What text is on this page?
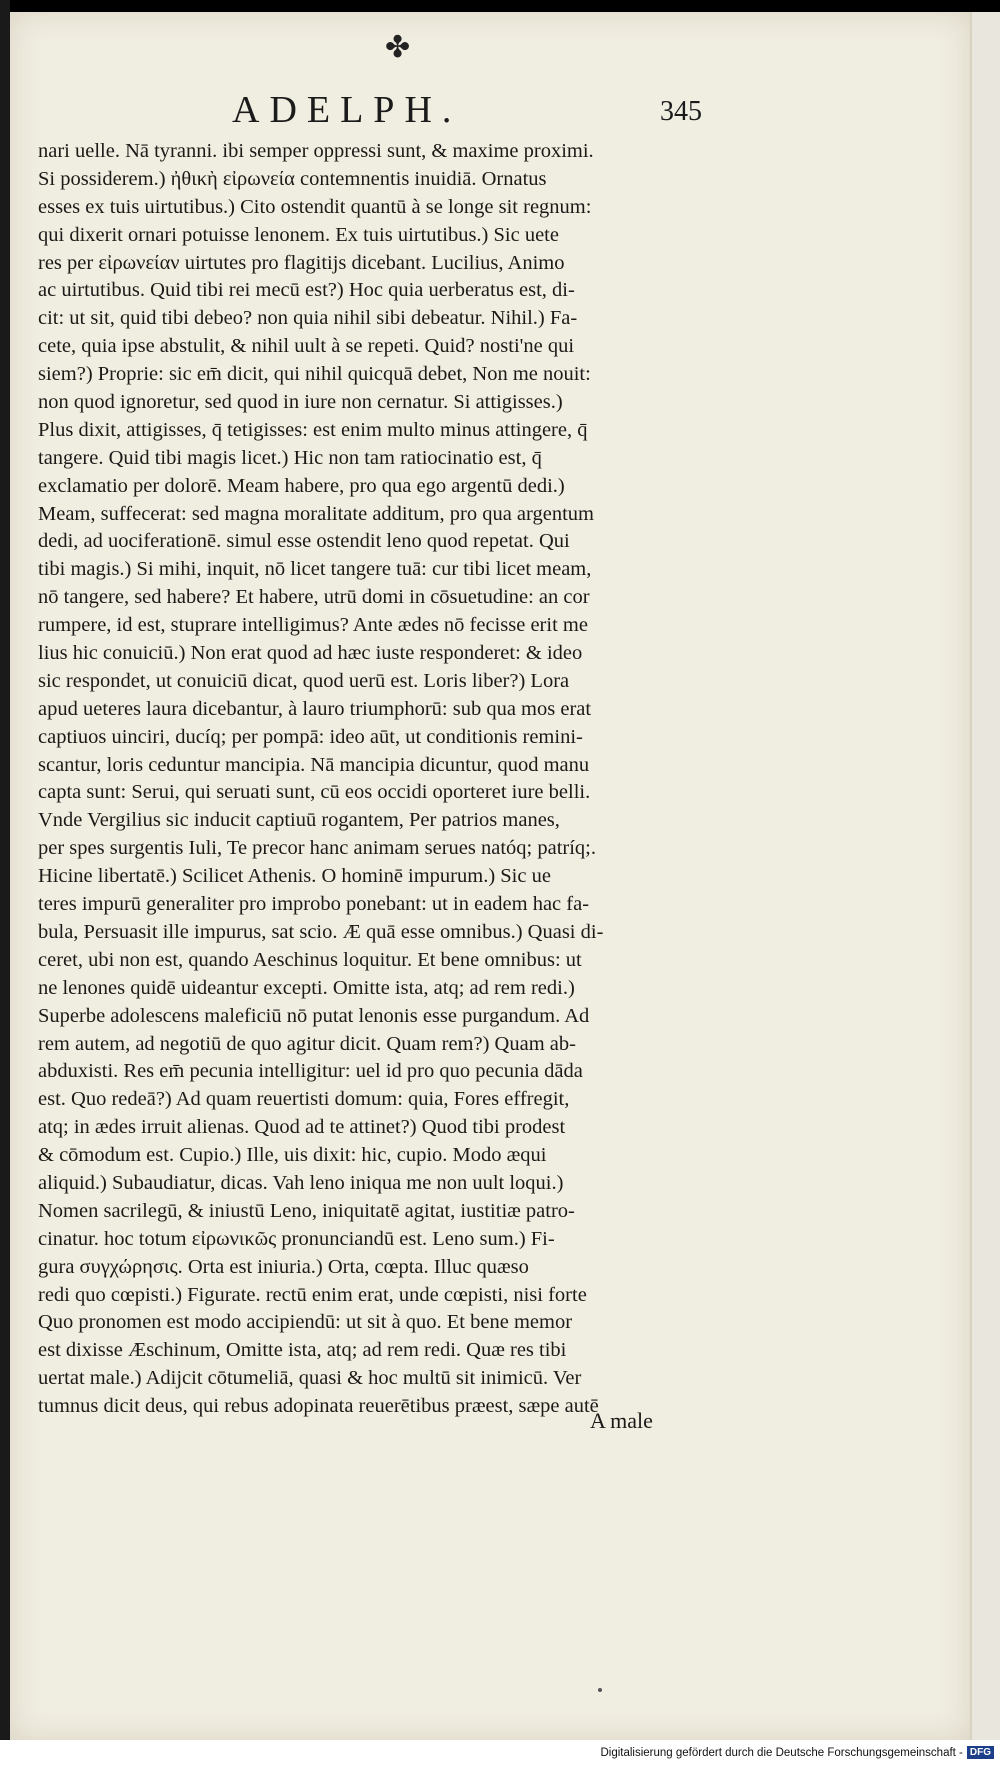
✤
ADELPH.	345
nari uelle. Nā tyranni. ibi semper oppressi sunt, & maxime proximi.
Si possiderem.) ἠθικὴ εἰρωνεία contemnentis inuidiā. Ornatus
esses ex tuis uirtutibus.) Cito ostendit quantū à se longe sit regnum:
qui dixerit ornari potuisse lenonem. Ex tuis uirtutibus.) Sic uete
res per εἰρωνείαν uirtutes pro flagitijs dicebant. Lucilius, Animo
ac uirtutibus. Quid tibi rei mecū est?) Hoc quia uerberatus est, di-
cit: ut sit, quid tibi debeo? non quia nihil sibi debeatur. Nihil.) Fa-
cete, quia ipse abstulit, & nihil uult à se repeti. Quid? nosti'ne qui
siem?) Proprie: sic em̄ dicit, qui nihil quicquā debet, Non me nouit:
non quod ignoretur, sed quod in iure non cernatur. Si attigisses.)
Plus dixit, attigisses, q̄ tetigisses: est enim multo minus attingere, q̄
tangere. Quid tibi magis licet.) Hic non tam ratiocinatio est, q̄
exclamatio per dolorē. Meam habere, pro qua ego argentū dedi.)
Meam, suffecerat: sed magna moralitate additum, pro qua argentum
dedi, ad uociferationē. simul esse ostendit leno quod repetat. Qui
tibi magis.) Si mihi, inquit, nō licet tangere tuā: cur tibi licet meam,
nō tangere, sed habere? Et habere, utrū domi in cōsuetudine: an cor
rumpere, id est, stuprare intelligimus? Ante ædes nō fecisse erit me
lius hic conuiciū.) Non erat quod ad hæc iuste responderet: & ideo
sic respondet, ut conuiciū dicat, quod uerū est. Loris liber?) Lora
apud ueteres laura dicebantur, à lauro triumphorū: sub qua mos erat
captiuos uinciri, ducíq; per pompā: ideo aūt, ut conditionis remini-
scantur, loris ceduntur mancipia. Nā mancipia dicuntur, quod manu
capta sunt: Serui, qui seruati sunt, cū eos occidi oporteret iure belli.
Vnde Vergilius sic inducit captiuū rogantem, Per patrios manes,
per spes surgentis Iuli, Te precor hanc animam serues natóq; patríq;.
Hicine libertatē.) Scilicet Athenis. O hominē impurum.) Sic ue
teres impurū generaliter pro improbo ponebant: ut in eadem hac fa-
bula, Persuasit ille impurus, sat scio. Æ quā esse omnibus.) Quasi di-
ceret, ubi non est, quando Aeschinus loquitur. Et bene omnibus: ut
ne lenones quidē uideantur excepti. Omitte ista, atq; ad rem redi.)
Superbe adolescens maleficiū nō putat lenonis esse purgandum. Ad
rem autem, ad negotiū de quo agitur dicit. Quam rem?) Quam ab-
abduxisti. Res em̄ pecunia intelligitur: uel id pro quo pecunia dāda
est. Quo redeā?) Ad quam reuertisti domum: quia, Fores effregit,
atq; in ædes irruit alienas. Quod ad te attinet?) Quod tibi prodest
& cōmodum est. Cupio.) Ille, uis dixit: hic, cupio. Modo æqui
aliquid.) Subaudiatur, dicas. Vah leno iniqua me non uult loqui.)
Nomen sacrilegū, & iniustū Leno, iniquitatē agitat, iustitiæ patro-
cinatur. hoc totum εἰρωνικῶς pronunciandū est. Leno sum.) Fi-
gura συγχώρησις. Orta est iniuria.) Orta, cœpta. Illuc quæso
redi quo cœpisti.) Figurate. rectū enim erat, unde cœpisti, nisi forte
Quo pronomen est modo accipiendū: ut sit à quo. Et bene memor
est dixisse Æschinum, Omitte ista, atq; ad rem redi. Quæ res tibi
uertat male.) Adijcit cōtumeliā, quasi & hoc multū sit inimicū. Ver
tumnus dicit deus, qui rebus adopinata reuerētibus præest, sæpe autē
A male
Digitalisierung gefördert durch die Deutsche Forschungsgemeinschaft - DFG
